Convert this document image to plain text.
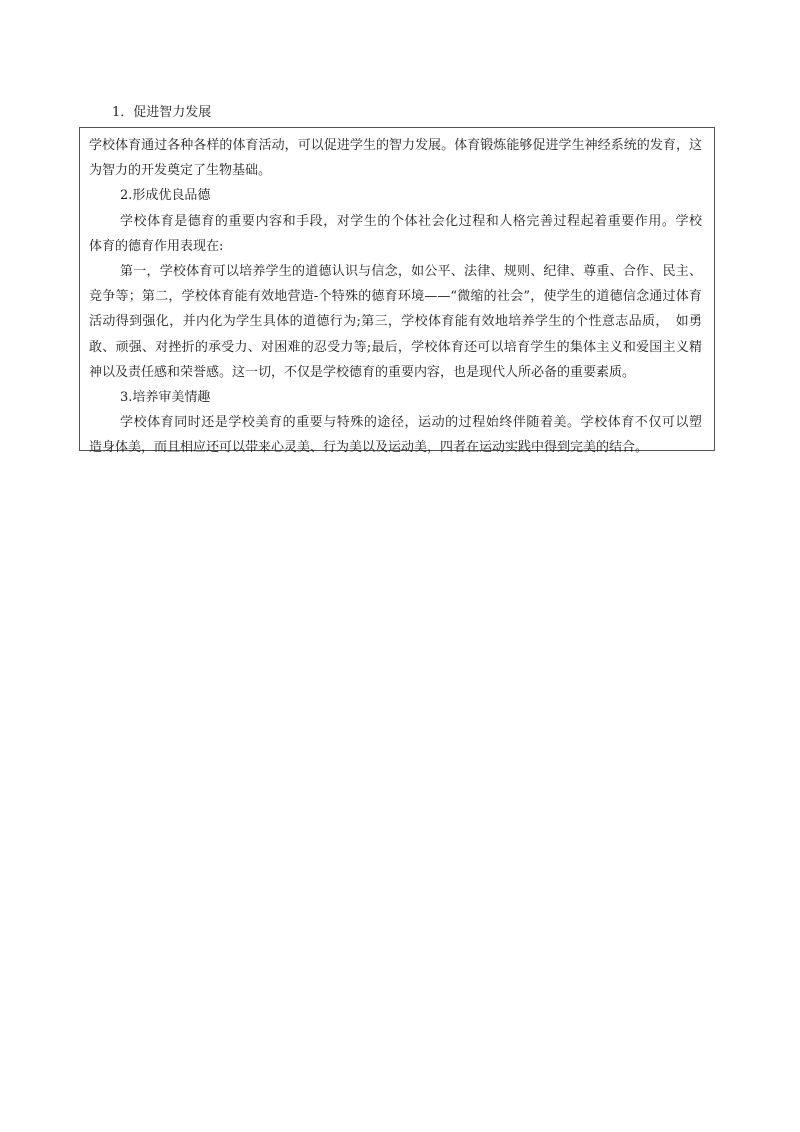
1．促进智力发展

学校体育通过各种各样的体育活动，可以促进学生的智力发展。体育锻炼能够促进学生神经系统的发育，这为智力的开发奠定了生物基础。

2.形成优良品德

学校体育是德育的重要内容和手段，对学生的个体社会化过程和人格完善过程起着重要作用。学校　体育的德育作用表现在:

第一，学校体育可以培养学生的道德认识与信念，如公平、法律、规则、纪律、尊重、合作、民主、竞争等；第二，学校体育能有效地营造-个特殊的德育环境——“微缩的社会”，使学生的道德信念通过体育活动得到强化，并内化为学生具体的道德行为;第三，学校体育能有效地培养学生的个性意志品质，　如勇敢、顽强、对挫折的承受力、对困难的忍受力等;最后，学校体育还可以培育学生的集体主义和爱国主义精神以及责任感和荣誉感。这一切，不仅是学校德育的重要内容，也是现代人所必备的重要素质。

3.培养审美情趣

学校体育同时还是学校美育的重要与特殊的途径，运动的过程始终伴随着美。学校体育不仅可以塑　造身体美，而且相应还可以带来心灵美、行为美以及运动美，四者在运动实践中得到完美的结合。
